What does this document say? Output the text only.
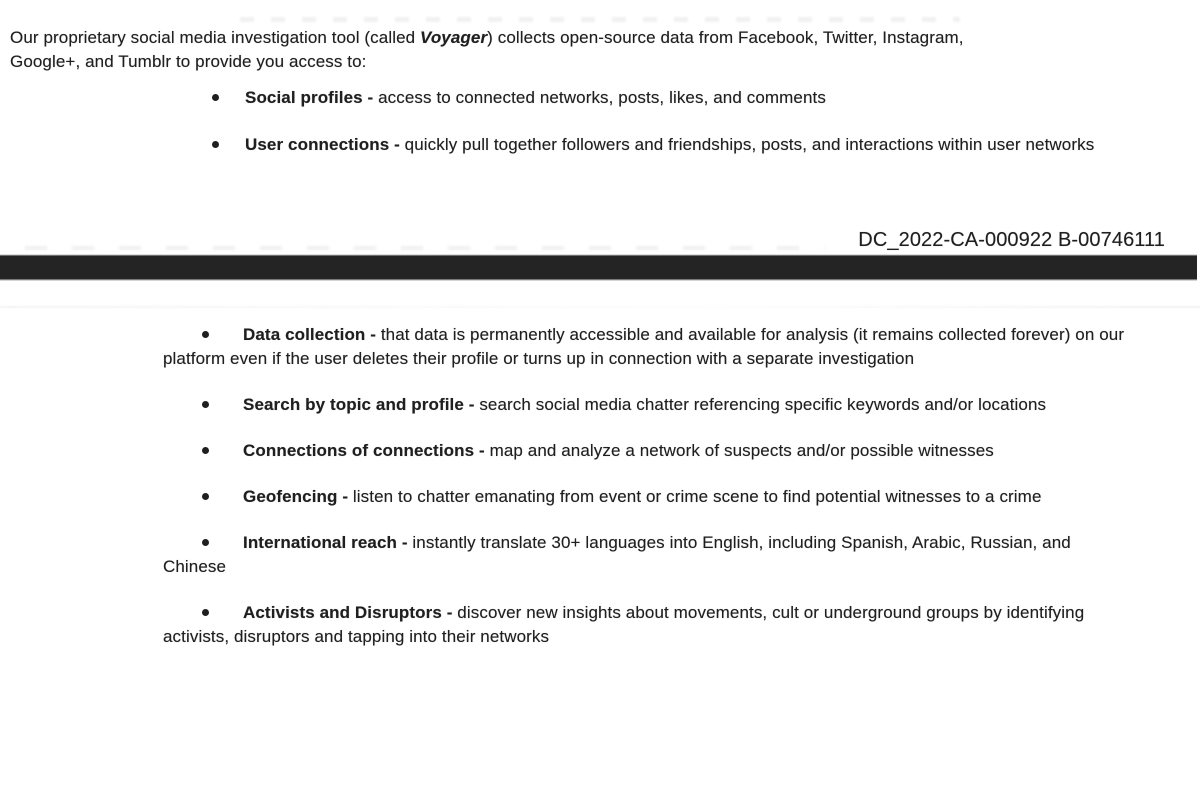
Our proprietary social media investigation tool (called Voyager) collects open-source data from Facebook, Twitter, Instagram, Google+, and Tumblr to provide you access to:

Social profiles - access to connected networks, posts, likes, and comments
User connections - quickly pull together followers and friendships, posts, and interactions within user networks
DC_2022-CA-000922 B-00746111
Data collection - that data is permanently accessible and available for analysis (it remains collected forever) on our platform even if the user deletes their profile or turns up in connection with a separate investigation
Search by topic and profile - search social media chatter referencing specific keywords and/or locations
Connections of connections - map and analyze a network of suspects and/or possible witnesses
Geofencing - listen to chatter emanating from event or crime scene to find potential witnesses to a crime
International reach - instantly translate 30+ languages into English, including Spanish, Arabic, Russian, and Chinese
Activists and Disruptors - discover new insights about movements, cult or underground groups by identifying activists, disruptors and tapping into their networks
